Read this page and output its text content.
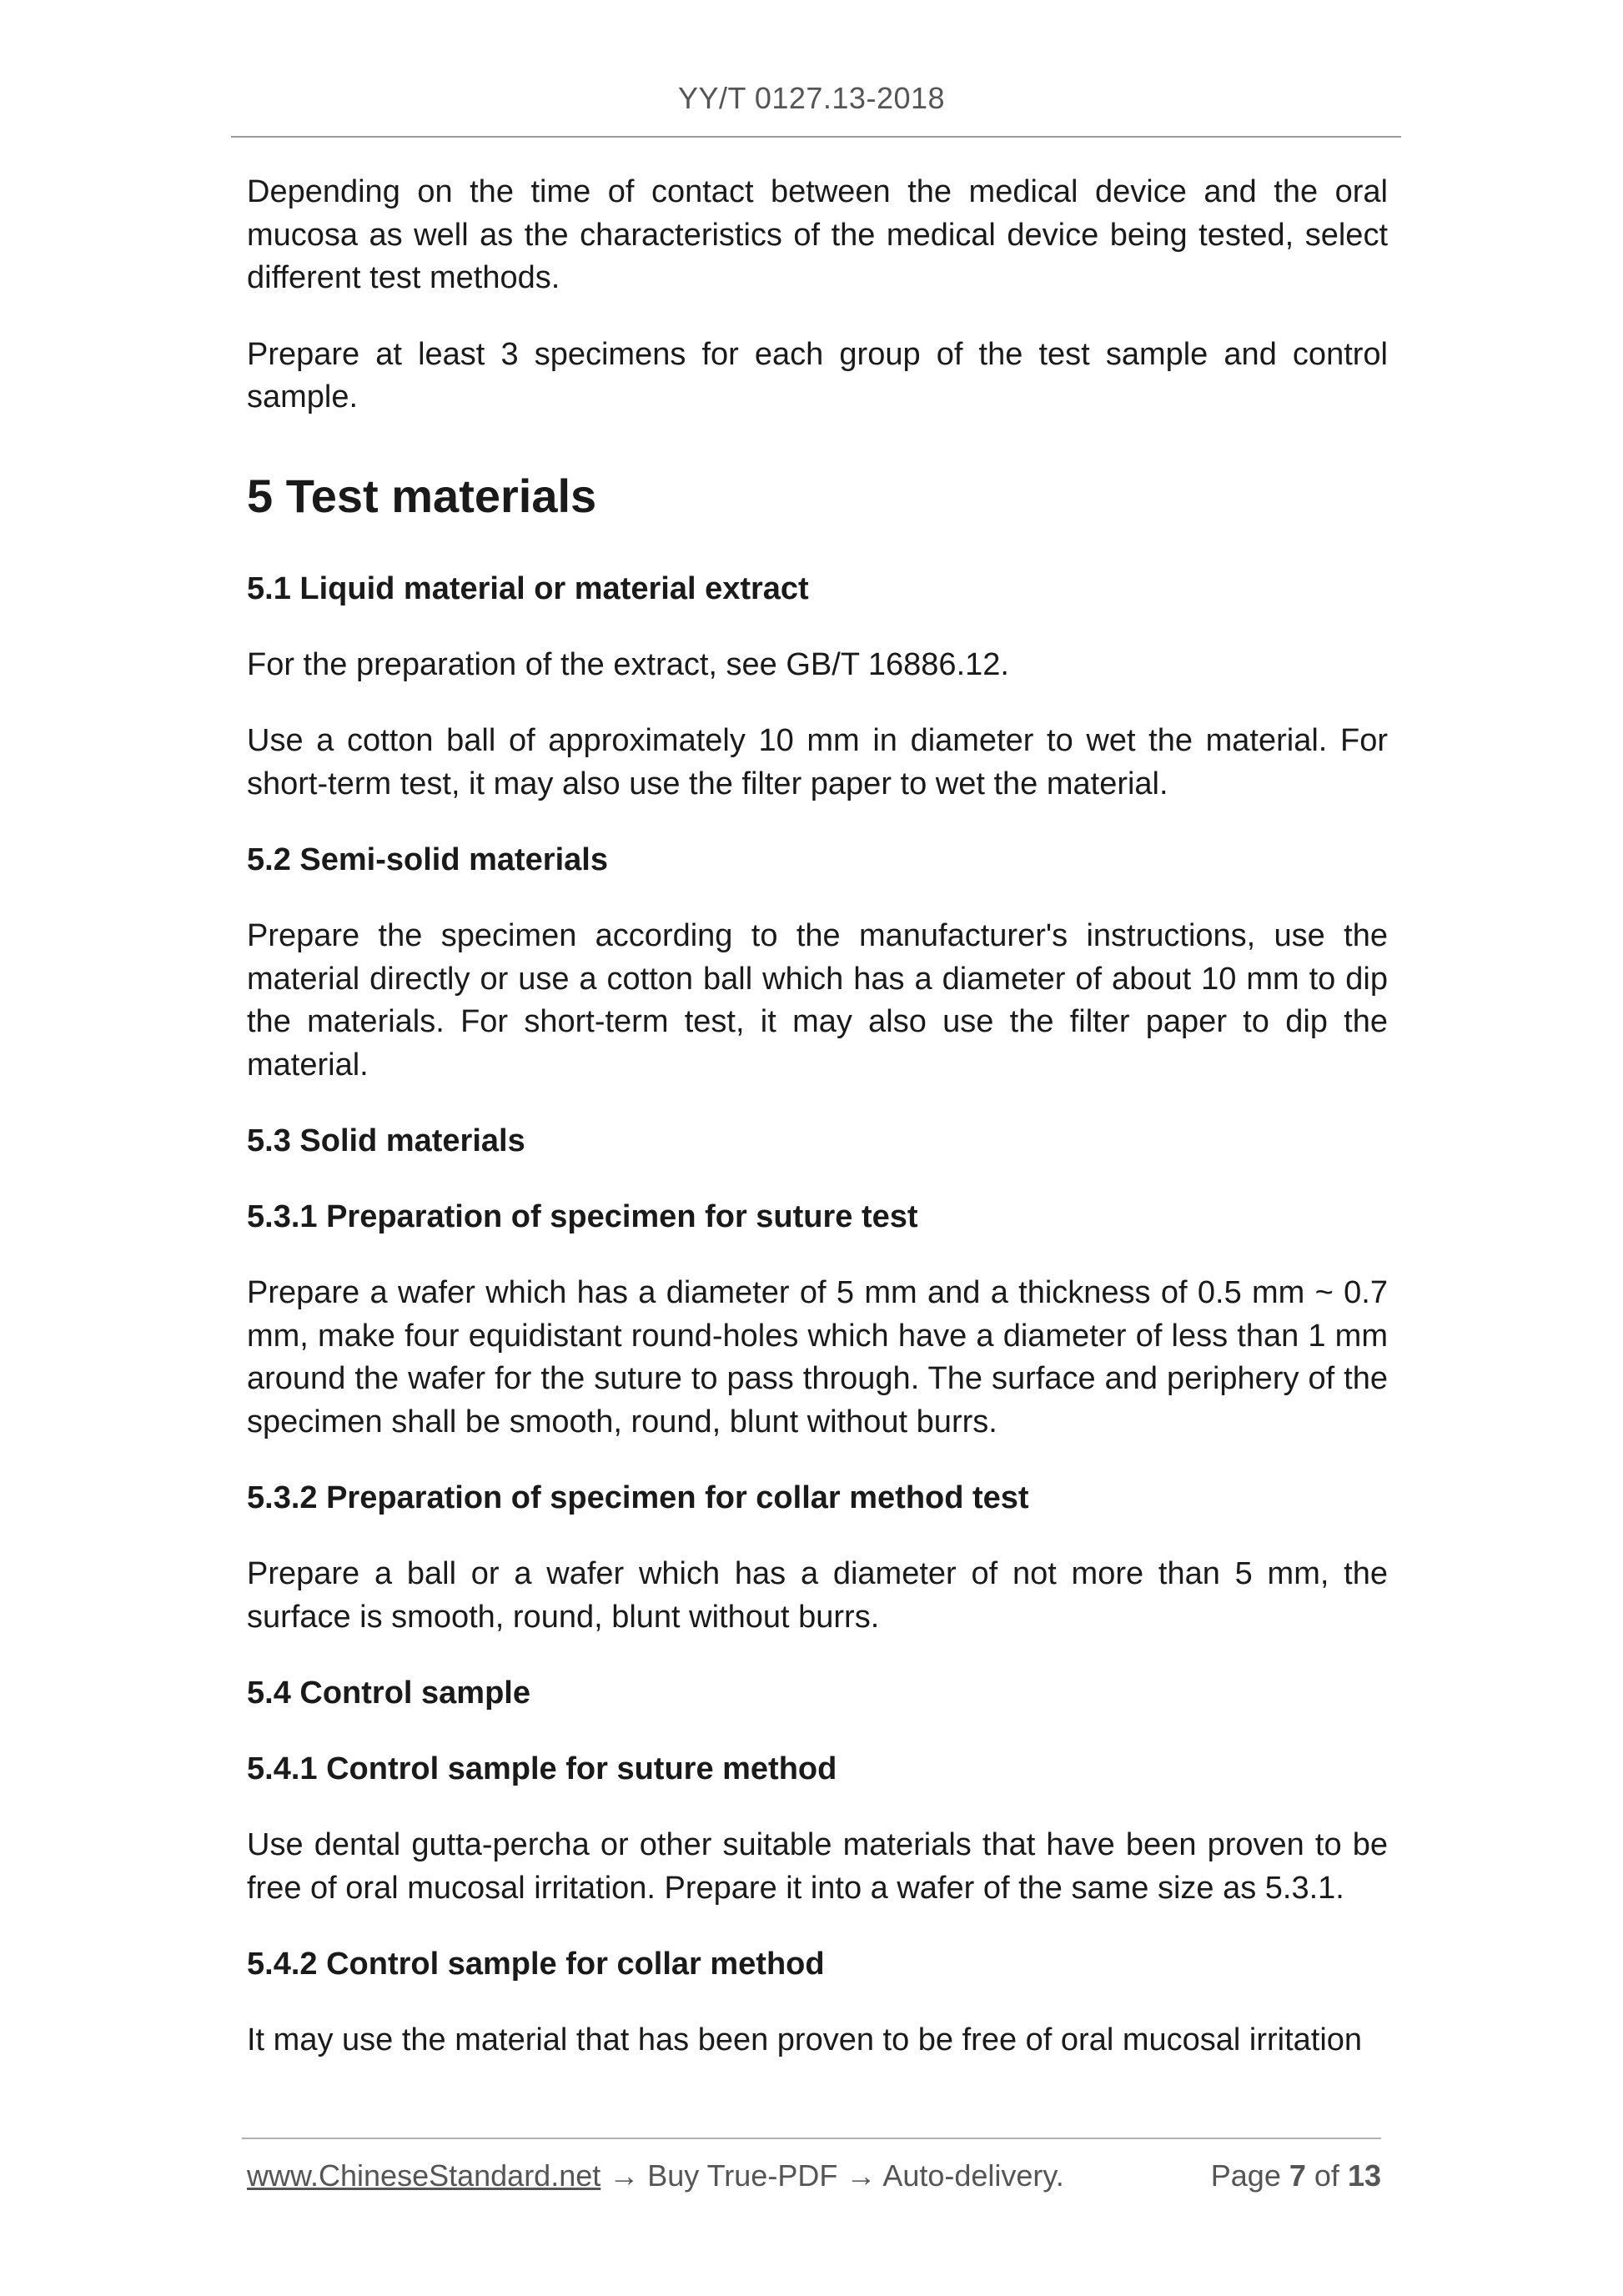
YY/T 0127.13-2018

Depending on the time of contact between the medical device and the oral mucosa as well as the characteristics of the medical device being tested, select different test methods.

Prepare at least 3 specimens for each group of the test sample and control sample.

5 Test materials
5.1 Liquid material or material extract

For the preparation of the extract, see GB/T 16886.12.

Use a cotton ball of approximately 10 mm in diameter to wet the material. For short-term test, it may also use the filter paper to wet the material.

5.2 Semi-solid materials

Prepare the specimen according to the manufacturer's instructions, use the material directly or use a cotton ball which has a diameter of about 10 mm to dip the materials. For short-term test, it may also use the filter paper to dip the material.

5.3 Solid materials
5.3.1 Preparation of specimen for suture test

Prepare a wafer which has a diameter of 5 mm and a thickness of 0.5 mm ~ 0.7 mm, make four equidistant round-holes which have a diameter of less than 1 mm around the wafer for the suture to pass through. The surface and periphery of the specimen shall be smooth, round, blunt without burrs.

5.3.2 Preparation of specimen for collar method test

Prepare a ball or a wafer which has a diameter of not more than 5 mm, the surface is smooth, round, blunt without burrs.

5.4 Control sample
5.4.1 Control sample for suture method

Use dental gutta-percha or other suitable materials that have been proven to be free of oral mucosal irritation. Prepare it into a wafer of the same size as 5.3.1.

5.4.2 Control sample for collar method

It may use the material that has been proven to be free of oral mucosal irritation

www.ChineseStandard.net → Buy True-PDF → Auto-delivery.	Page 7 of 13
